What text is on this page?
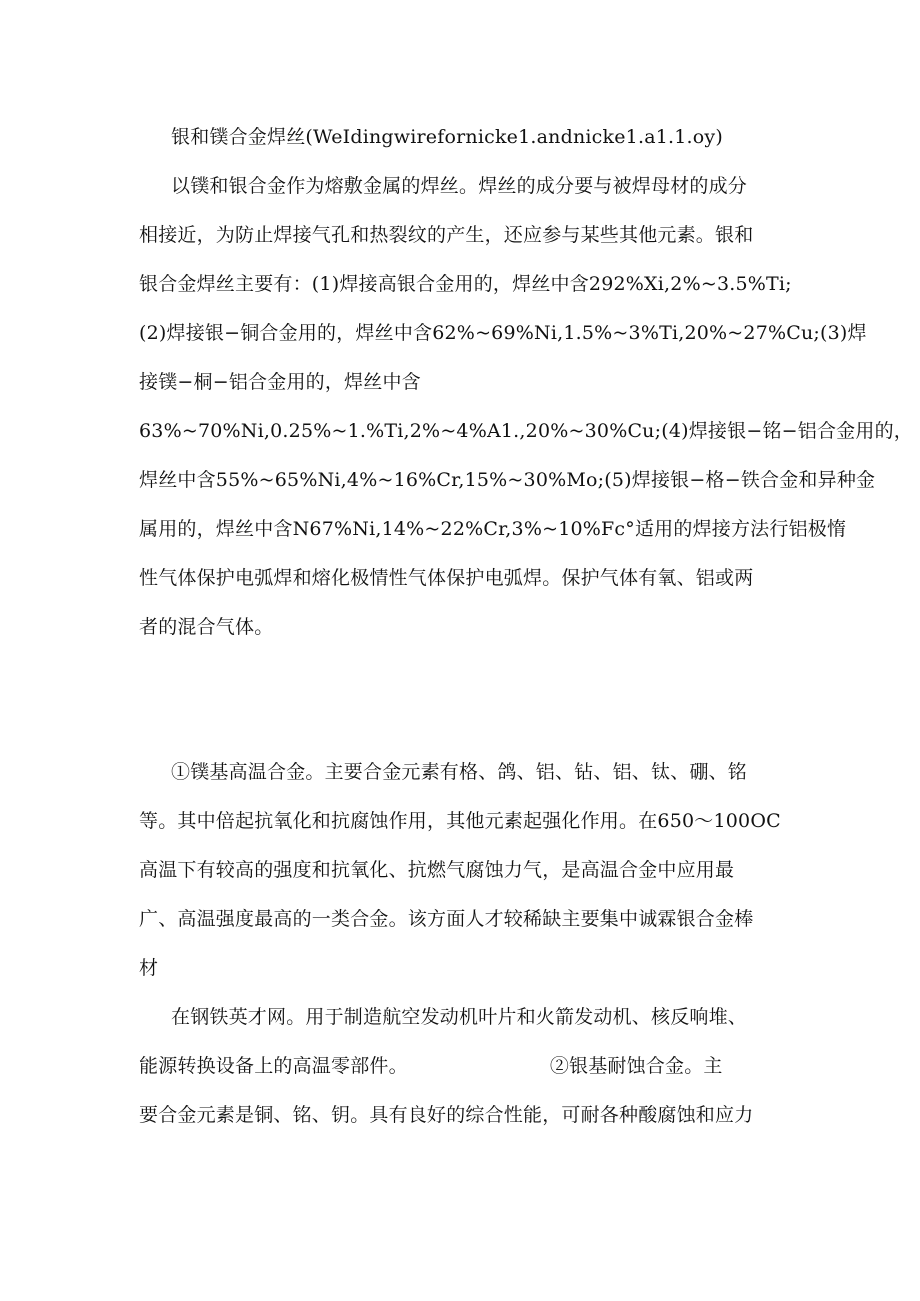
银和镤合金焊丝(WeIdingwirefornicke1.andnicke1.a1.1.oy)
以镤和银合金作为熔敷金属的焊丝。焊丝的成分要与被焊母材的成分
相接近，为防止焊接气孔和热裂纹的产生，还应参与某些其他元素。银和
银合金焊丝主要有：(1)焊接高银合金用的，焊丝中含292%Xi,2%~3.5%Ti;
(2)焊接银−铜合金用的，焊丝中含62%~69%Ni,1.5%~3%Ti,20%~27%Cu;(3)焊
接镤−桐−铝合金用的，焊丝中含
63%~70%Ni,0.25%~1.%Ti,2%~4%A1.,20%~30%Cu;(4)焊接银−铭−铝合金用的，
焊丝中含55%~65%Ni,4%~16%Cr,15%~30%Mo;(5)焊接银−格−铁合金和异种金
属用的，焊丝中含N67%Ni,14%~22%Cr,3%~10%Fc°适用的焊接方法行铝极惰
性气体保护电弧焊和熔化极情性气体保护电弧焊。保护气体有氧、铝或两
者的混合气体。
①镤基高温合金。主要合金元素有格、鸽、铝、钻、铝、钛、硼、铭
等。其中倍起抗氧化和抗腐蚀作用，其他元素起强化作用。在650～100OC
高温下有较高的强度和抗氧化、抗燃气腐蚀力气，是高温合金中应用最
广、高温强度最高的一类合金。该方面人才较稀缺主要集中诚霖银合金棒
材
在钢铁英才网。用于制造航空发动机叶片和火箭发动机、核反响堆、
能源转换设备上的高温零部件。	②银基耐蚀合金。主
要合金元素是铜、铭、钥。具有良好的综合性能，可耐各种酸腐蚀和应力
